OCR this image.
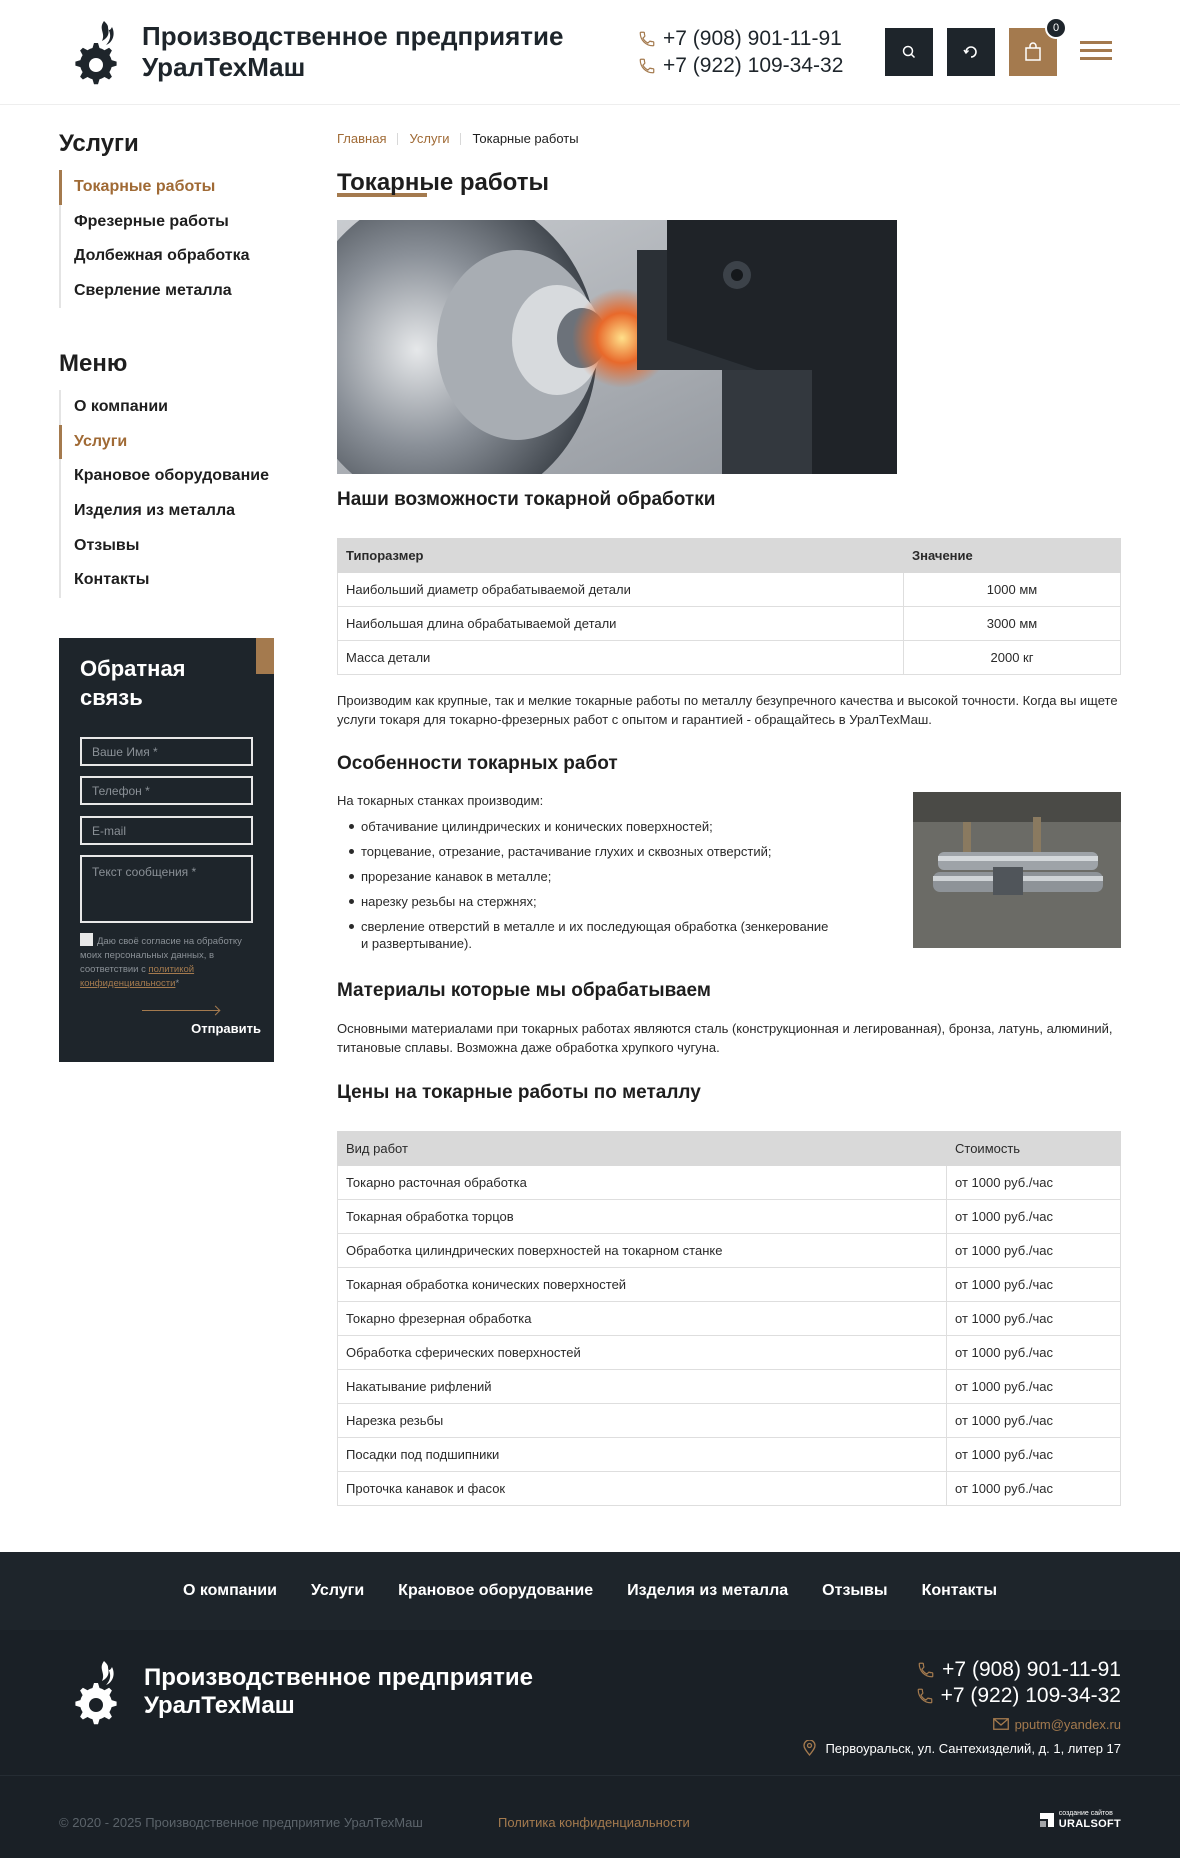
Производственное предприятие
УралТехМаш
+7 (908) 901-11-91
+7 (922) 109-34-32
0
Услуги
Токарные работы
Фрезерные работы
Долбежная обработка
Сверление металла
Меню
О компании
Услуги
Крановое оборудование
Изделия из металла
Отзывы
Контакты
Обратная связь
Ваше Имя *
Телефон *
E-mail
Текст сообщения *
Даю своё согласие на обработку моих персональных данных, в соответствии с политикой конфиденциальности*
Отправить
Главная Услуги Токарные работы
Токарные работы
Наши возможности токарной обработки
Типоразмер	Значение
Наибольший диаметр обрабатываемой детали	1000 мм
Наибольшая длина обрабатываемой детали	3000 мм
Масса детали	2000 кг

Производим как крупные, так и мелкие токарные работы по металлу безупречного качества и высокой точности. Когда вы ищете услуги токаря для токарно-фрезерных работ с опытом и гарантией - обращайтесь в УралТехМаш.

Особенности токарных работ

На токарных станках производим:

обтачивание цилиндрических и конических поверхностей;
торцевание, отрезание, растачивание глухих и сквозных отверстий;
прорезание канавок в металле;
нарезку резьбы на стержнях;
сверление отверстий в металле и их последующая обработка (зенкерование и развертывание).
Материалы которые мы обрабатываем

Основными материалами при токарных работах являются сталь (конструкционная и легированная), бронза, латунь, алюминий, титановые сплавы. Возможна даже обработка хрупкого чугуна.

Цены на токарные работы по металлу
Вид работ	Стоимость
Токарно расточная обработка	от 1000 руб./час
Токарная обработка торцов	от 1000 руб./час
Обработка цилиндрических поверхностей на токарном станке	от 1000 руб./час
Токарная обработка конических поверхностей	от 1000 руб./час
Токарно фрезерная обработка	от 1000 руб./час
Обработка сферических поверхностей	от 1000 руб./час
Накатывание рифлений	от 1000 руб./час
Нарезка резьбы	от 1000 руб./час
Посадки под подшипники	от 1000 руб./час
Проточка канавок и фасок	от 1000 руб./час
О компании Услуги Крановое оборудование Изделия из металла Отзывы Контакты
Производственное предприятие
УралТехМаш
+7 (908) 901-11-91
+7 (922) 109-34-32
pputm@yandex.ru
Первоуральск, ул. Сантехизделий, д. 1, литер 17
© 2020 - 2025 Производственное предприятие УралТехМаш	Политика конфиденциальности
создание сайтов
URALSOFT
